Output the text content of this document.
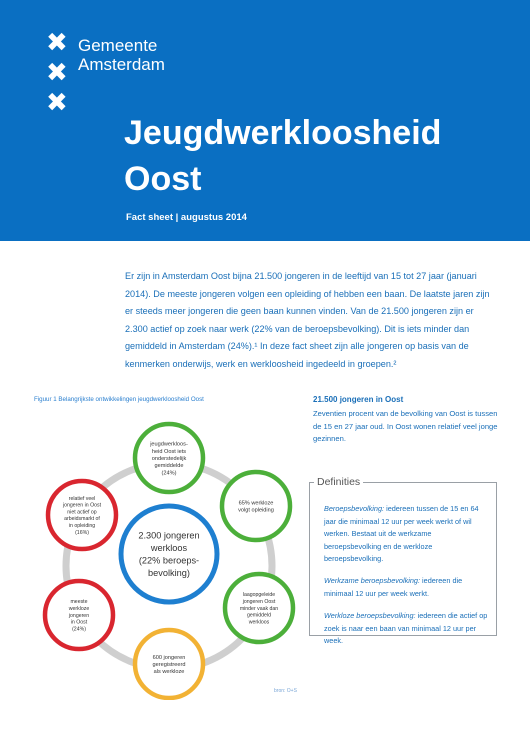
✖
✖
✖
Gemeente
Amsterdam
Jeugdwerkloosheid
Oost
Fact sheet | augustus 2014

Er zijn in Amsterdam Oost bijna 21.500 jongeren in de leeftijd van 15 tot 27 jaar (januari 2014). De meeste jongeren volgen een opleiding of hebben een baan. De laatste jaren zijn er steeds meer jongeren die geen baan kunnen vinden. Van de 21.500 jongeren zijn er 2.300 actief op zoek naar werk (22% van de beroepsbevolking). Dit is iets minder dan gemiddeld in Amsterdam (24%).¹ In deze fact sheet zijn alle jongeren op basis van de kenmerken onderwijs, werk en werkloosheid ingedeeld in groepen.²

Figuur 1 Belangrijkste ontwikkelingen jeugdwerkloosheid Oost
jeugdwerkloos-
heid Oost iets
onderstedelijk
gemiddelde
(24%)
65% werkloze
volgt opleiding
laagopgeleide
jongeren Oost
minder vaak dan
gemiddeld
werkloos
600 jongeren
geregistreerd
als werkloze
meeste
werkloze
jongeren
in Oost
(24%)
relatief veel
jongeren in Oost
niet actief op
arbeidsmarkt of
in opleiding
(16%)	2.300 jongeren
werkloos
(22% beroeps-
bevolking)
bron: O+S
21.500 jongeren in Oost

Zeventien procent van de bevolking van Oost is tussen de 15 en 27 jaar oud. In Oost wonen relatief veel jonge gezinnen.

Definities

Beroepsbevolking: iedereen tussen de 15 en 64 jaar die minimaal 12 uur per week werkt of wil werken. Bestaat uit de werkzame beroepsbevolking en de werkloze beroepsbevolking.

Werkzame beroepsbevolking: iedereen die minimaal 12 uur per week werkt.

Werkloze beroepsbevolking: iedereen die actief op zoek is naar een baan van minimaal 12 uur per week.
